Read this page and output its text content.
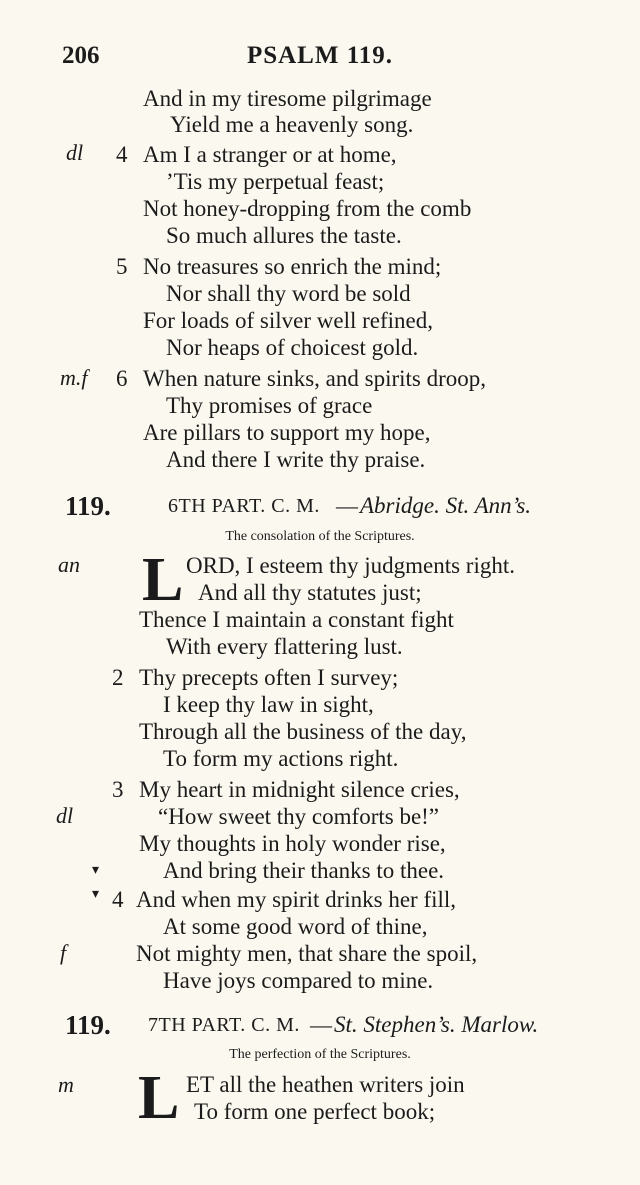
206	PSALM 119.
And in my tiresome pilgrimage
Yield me a heavenly song.
dl 4 Am I a stranger or at home,
’Tis my perpetual feast;
Not honey-dropping from the comb
So much allures the taste.
5 No treasures so enrich the mind;
Nor shall thy word be sold
For loads of silver well refined,
Nor heaps of choicest gold.
m.f 6 When nature sinks, and spirits droop,
Thy promises of grace
Are pillars to support my hope,
And there I write thy praise.
119.	6TH PART. C. M. — Abridge. St. Ann’s.
The consolation of the Scriptures.
an L ORD, I esteem thy judgments right.
And all thy statutes just;
Thence I maintain a constant fight
With every flattering lust.
2 Thy precepts often I survey;
I keep thy law in sight,
Through all the business of the day,
To form my actions right.
3 My heart in midnight silence cries,
dl	“How sweet thy comforts be!”
My thoughts in holy wonder rise,
▾	And bring their thanks to thee.
▾ 4 And when my spirit drinks her fill,
At some good word of thine,
f	Not mighty men, that share the spoil,
Have joys compared to mine.
119. 7TH PART. C. M. — St. Stephen’s. Marlow.
The perfection of the Scriptures.
m L ET all the heathen writers join
To form one perfect book;
